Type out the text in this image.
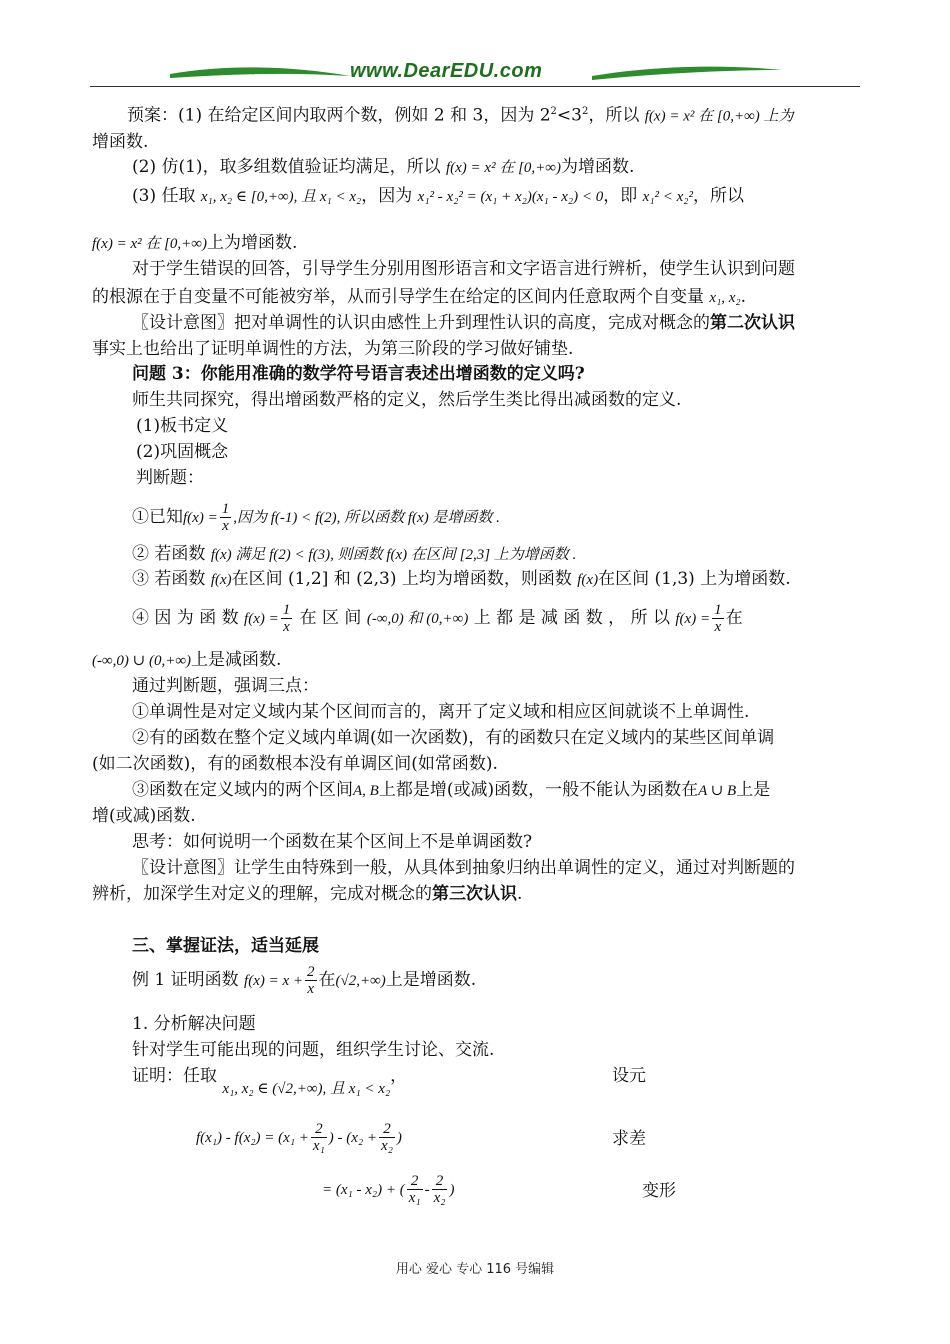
www.DearEDU.com
预案：(1) 在给定区间内取两个数，例如 2 和 3，因为 $2^2<3^2$，所以 f(x) = x² 在 [0,+∞) 上为
增函数.
(2) 仿(1)，取多组数值验证均满足，所以 f(x) = x² 在 [0,+∞)为增函数.
(3) 任取 x₁, x₂ ∈ [0,+∞), 且 x₁ < x₂，因为 x₁² - x₂² = (x₁ + x₂)(x₁ - x₂) < 0，即 x₁² < x₂²，所以
f(x) = x² 在 [0,+∞)上为增函数.
对于学生错误的回答，引导学生分别用图形语言和文字语言进行辨析，使学生认识到问题
的根源在于自变量不可能被穷举，从而引导学生在给定的区间内任意取两个自变量 x₁, x₂.
〖设计意图〗把对单调性的认识由感性上升到理性认识的高度，完成对概念的第二次认识
事实上也给出了证明单调性的方法，为第三阶段的学习做好铺垫.
问题 3：你能用准确的数学符号语言表述出增函数的定义吗?
师生共同探究，得出增函数严格的定义，然后学生类比得出减函数的定义.
(1)板书定义
(2)巩固概念
判断题：
①已知$f(x) = \frac{1}{x}$ ,因为 f(-1) < f(2), 所以函数 f(x) 是增函数 .
② 若函数 f(x) 满足 f(2) < f(3), 则函数 f(x) 在区间 [2,3] 上为增函数 .
③ 若函数 f(x)在区间 (1,2] 和 (2,3) 上均为增函数，则函数 f(x)在区间 (1,3) 上为增函数.
④ 因 为 函 数 $f(x) = \frac{1}{x}$ 在 区 间 (-∞,0) 和 (0,+∞) 上 都 是 减 函 数 ， 所 以 $f(x) = \frac{1}{x}$ 在
(-∞,0) ∪ (0,+∞)上是减函数.
通过判断题，强调三点：
①单调性是对定义域内某个区间而言的，离开了定义域和相应区间就谈不上单调性.
②有的函数在整个定义域内单调(如一次函数)，有的函数只在定义域内的某些区间单调
(如二次函数)，有的函数根本没有单调区间(如常函数).
③函数在定义域内的两个区间A, B上都是增(或减)函数，一般不能认为函数在A ∪ B上是
增(或减)函数.
思考：如何说明一个函数在某个区间上不是单调函数?
〖设计意图〗让学生由特殊到一般，从具体到抽象归纳出单调性的定义，通过对判断题的
辨析，加深学生对定义的理解，完成对概念的第三次认识.
三、掌握证法，适当延展
例 1 证明函数 $f(x) = x + \frac{2}{x}$ 在(√2,+∞)上是增函数.
1. 分析解决问题
针对学生可能出现的问题，组织学生讨论、交流.
证明：任取 x₁, x₂ ∈ (√2,+∞), 且 x₁ < x₂，	设元
$f(x_1) - f(x_2) = (x_1 + \frac{2}{\text{x₁}}$ ) - ($x_2 + \frac{2}{\text{x₂}}$ )	求差
= (x₁ - x₂) + ( $\frac{2}{\text{x₁}} - \frac{2}{\text{x₂}}$ )	变形
用心 爱心 专心 116 号编辑
